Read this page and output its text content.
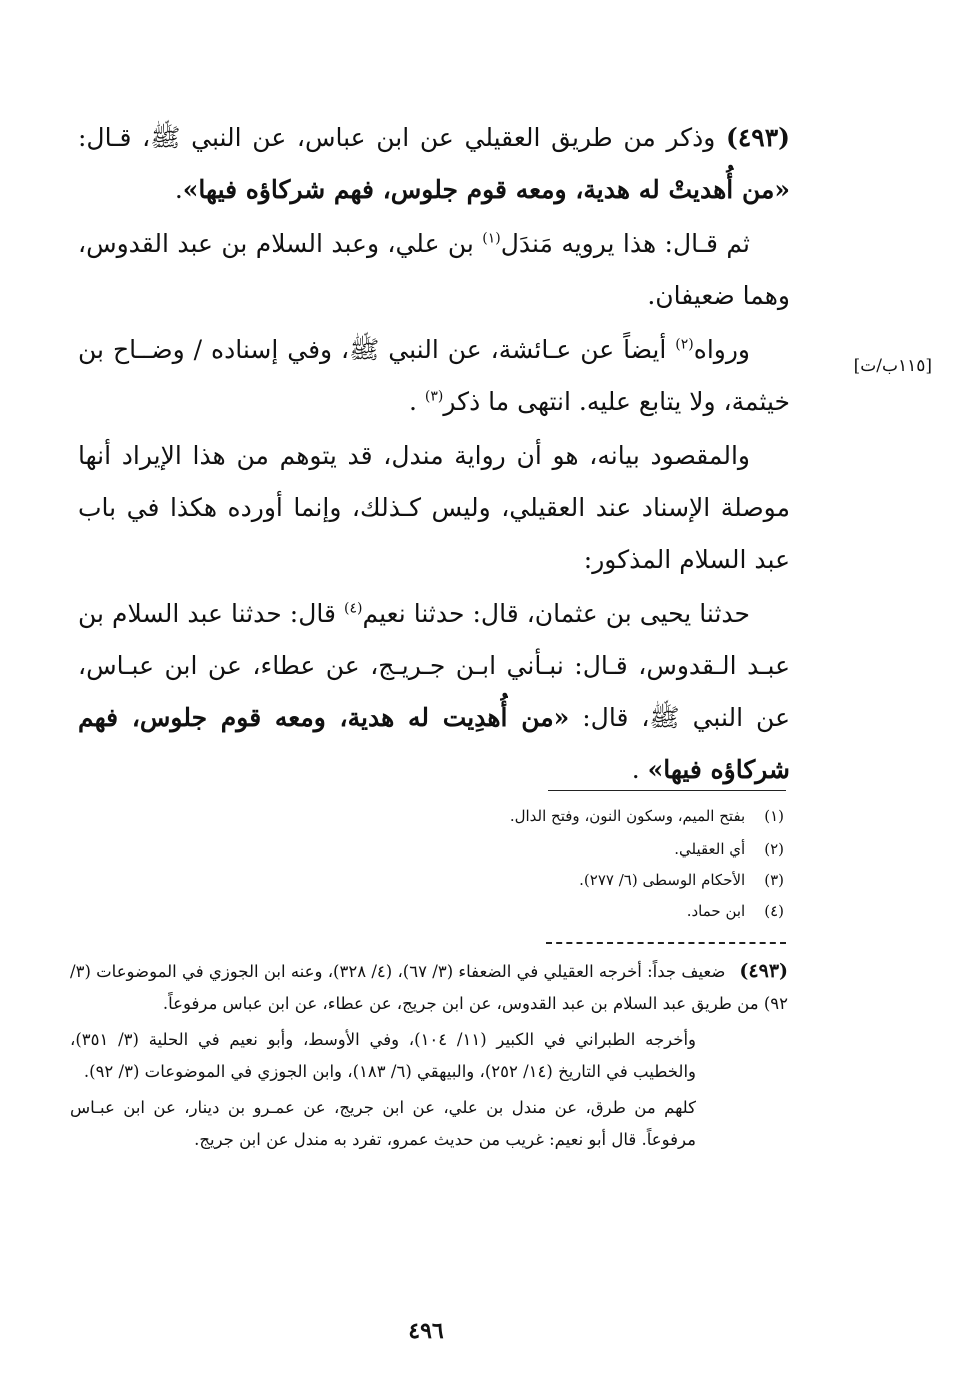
(٤٩٣) وذكر من طريق العقيلي عن ابن عباس، عن النبي ﷺ، قـال: «من أُهديتْ له هدية، ومعه قوم جلوس، فهم شركاؤه فيها».

ثم قـال: هذا يرويه مَندَل$^{(١)}$ بن علي، وعبد السلام بن عبد القدوس، وهما ضعيفان.

ورواه$^{(٢)}$ أيضاً عن عـائشة، عن النبي ﷺ، وفي إسناده / وضــاح بن خيثمة، ولا يتابع عليه. انتهى ما ذكر$^{(٣)}$ .

والمقصود بيانه، هو أن رواية مندل، قد يتوهم من هذا الإيراد أنها موصلة الإسناد عند العقيلي، وليس كـذلك، وإنما أورده هكذا في باب عبد السلام المذكور:

حدثنا يحيى بن عثمان، قال: حدثنا نعيم$^{(٤)}$ قال: حدثنا عبد السلام بن عبـد الـقدوس، قـال: نبـأني ابـن جـريـج، عن عطاء، عن ابن عبـاس، عن النبي ﷺ، قال: «من أُهدِيت له هدية، ومعه قوم جلوس، فهم شركاؤه فيها» .

[١١٥ب/ت]
(١) بفتح الميم، وسكون النون، وفتح الدال.
(٢) أي العقيلي.
(٣) الأحكام الوسطى (٦/ ٢٧٧).
(٤) ابن حماد.

(٤٩٣)ضعيف جداً: أخرجه العقيلي في الضعفاء (٣/ ٦٧)، (٤/ ٣٢٨)، وعنه ابن الجوزي في الموضوعات (٣/ ٩٢) من طريق عبد السلام بن عبد القدوس، عن ابن جريج، عن عطاء، عن ابن عباس مرفوعاً.

وأخرجه الطبراني في الكبير (١١/ ١٠٤)، وفي الأوسط، وأبو نعيم في الحلية (٣/ ٣٥١)، والخطيب في التاريخ (١٤/ ٢٥٢)، والبيهقي (٦/ ١٨٣)، وابن الجوزي في الموضوعات (٣/ ٩٢).

كلهم من طرق، عن مندل بن علي، عن ابن جريج، عن عمـرو بن دينار، عن ابن عبـاس مرفوعاً. قال أبو نعيم: غريب من حديث عمرو، تفرد به مندل عن ابن جريج.

٤٩٦
